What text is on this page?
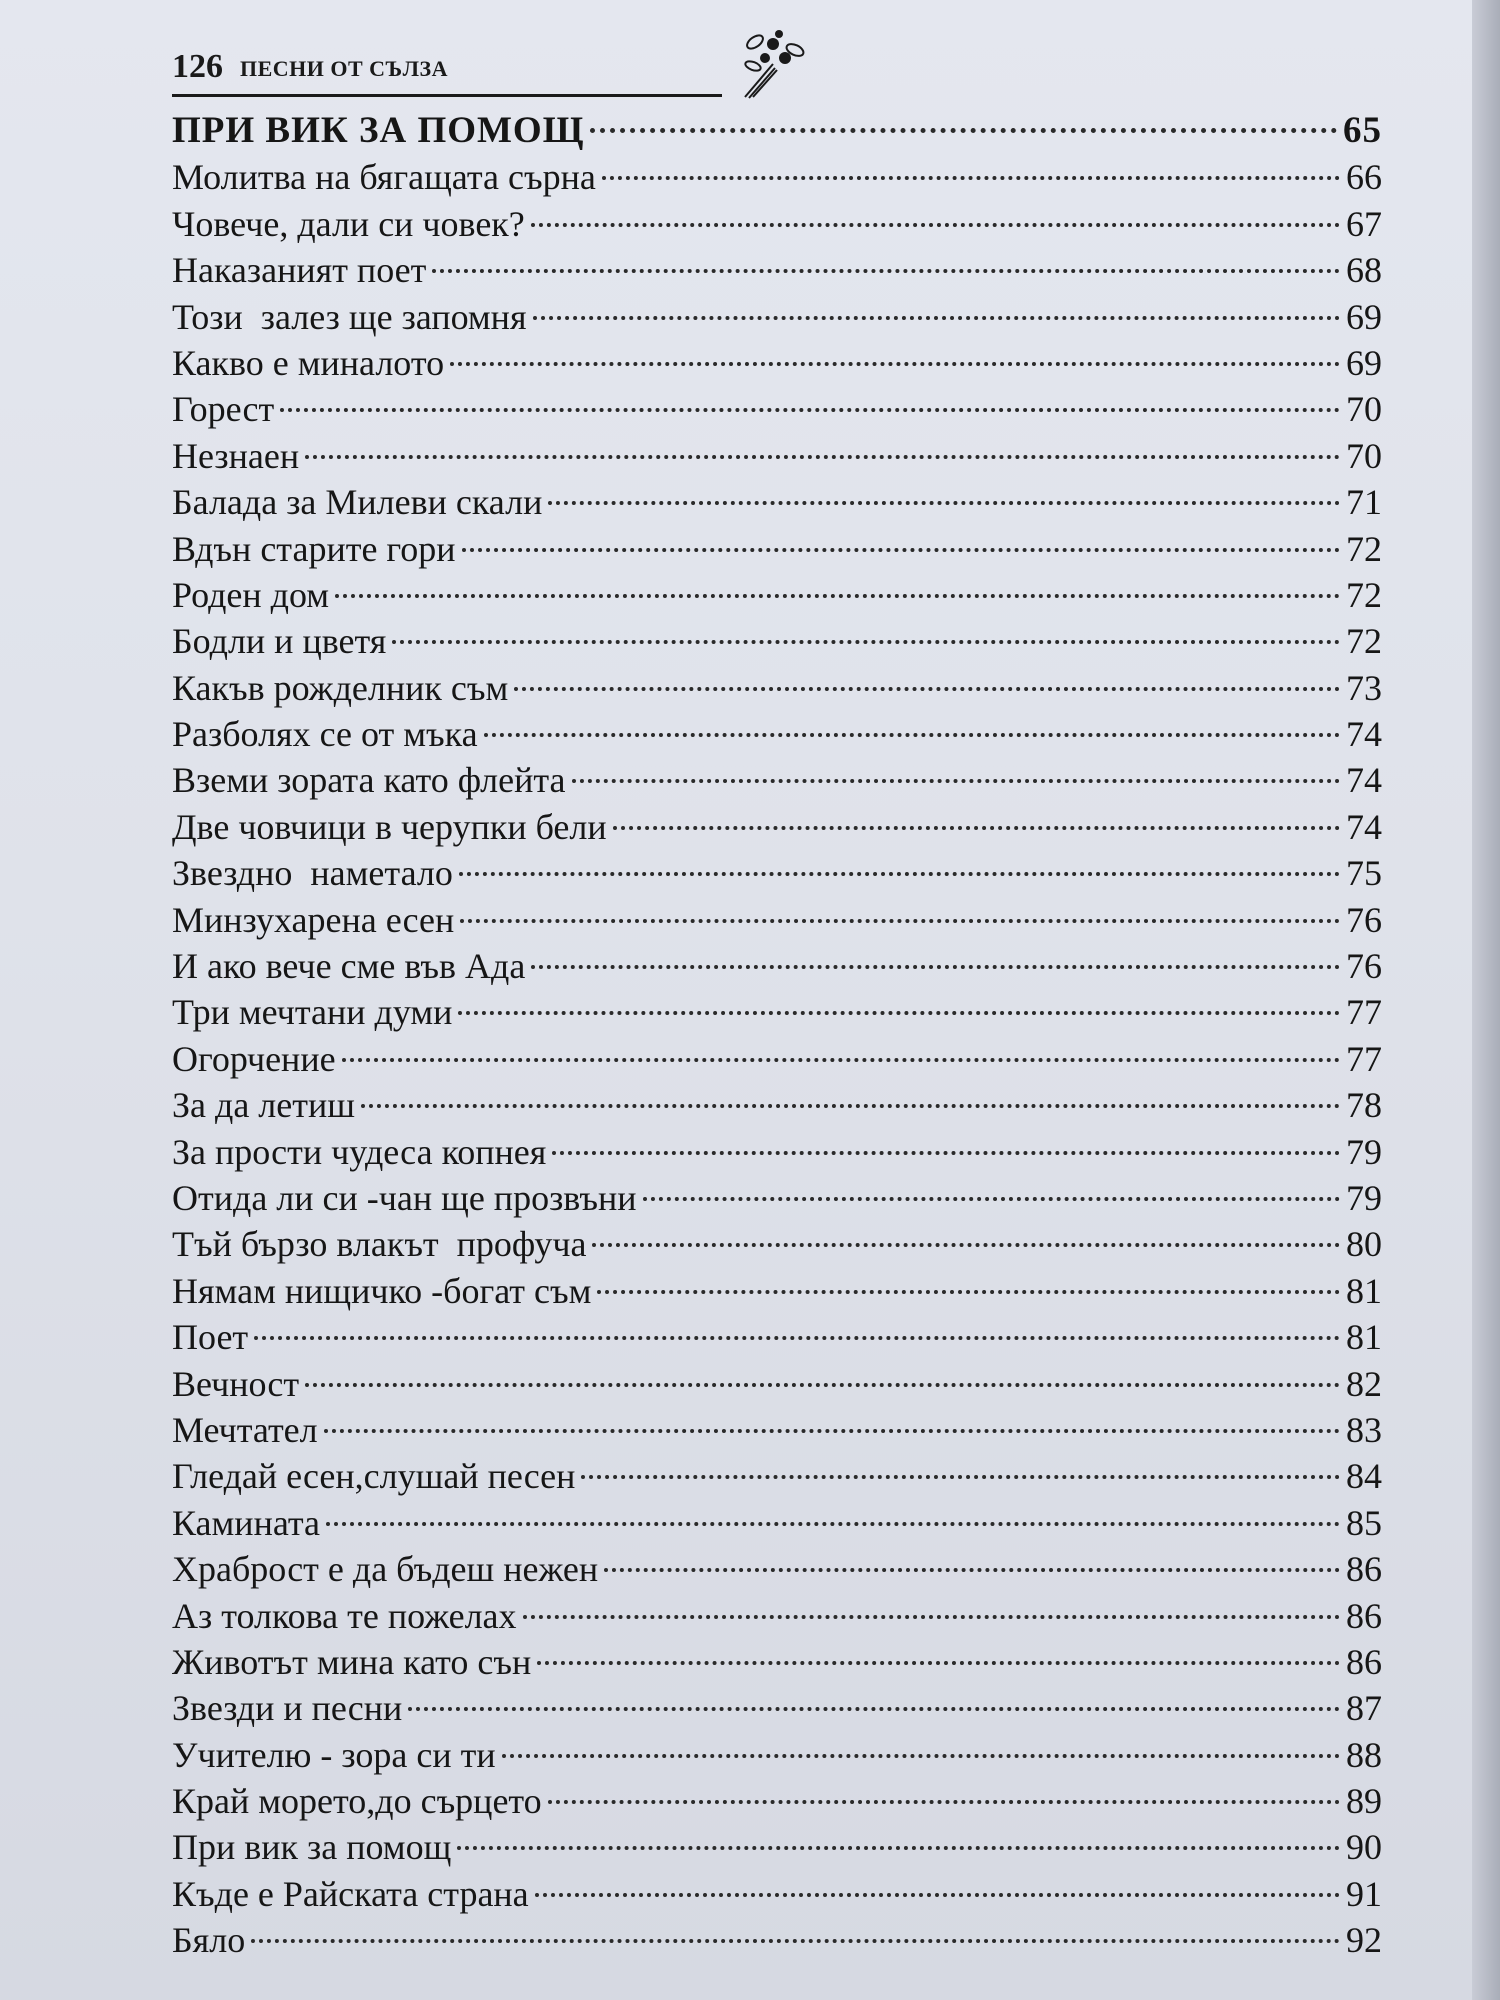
126 ПЕСНИ ОТ СЪЛЗА
ПРИ ВИК ЗА ПОМОЩ	65
Молитва на бягащата сърна	66
Човече, дали си човек?	67
Наказаният поет	68
Този  залез ще запомня	69
Какво е миналото	69
Горест	70
Незнаен	70
Балада за Милеви скали	71
Вдън старите гори	72
Роден дом	72
Бодли и цветя	72
Какъв рожделник съм	73
Разболях се от мъка	74
Вземи зората като флейта	74
Две човчици в черупки бели	74
Звездно  наметало	75
Минзухарена есен	76
И ако вече сме във Ада	76
Три мечтани думи	77
Огорчение	77
За да летиш	78
За прости чудеса копнея	79
Отида ли си -чан ще прозвъни	79
Тъй бързо влакът  профуча	80
Нямам нищичко -богат съм	81
Поет	81
Вечност	82
Мечтател	83
Гледай есен,слушай песен	84
Камината	85
Храброст е да бъдеш нежен	86
Аз толкова те пожелах	86
Животът мина като сън	86
Звезди и песни	87
Учителю - зора си ти	88
Край морето,до сърцето	89
При вик за помощ	90
Къде е Райската страна	91
Бяло	92
